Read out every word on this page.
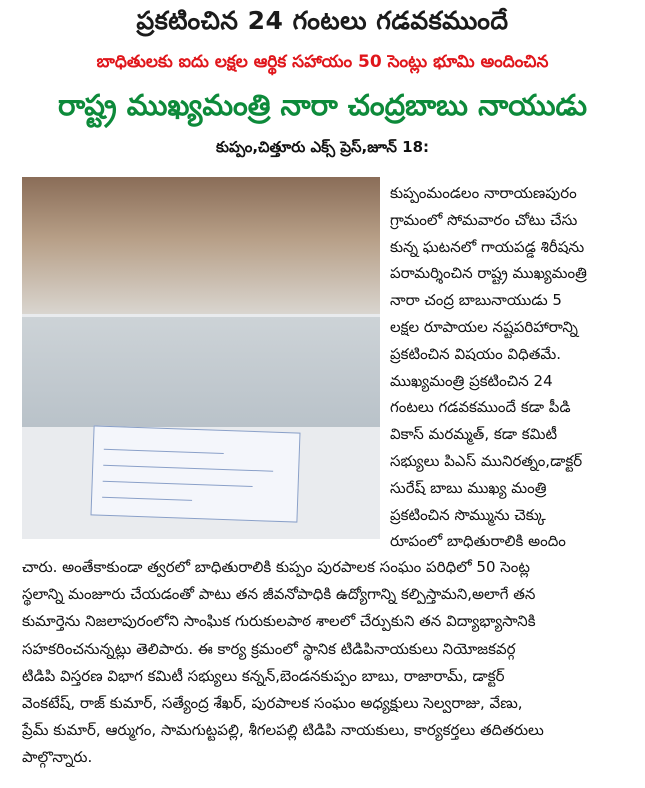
ప్రకటించిన 24 గంటలు గడవకముందే
బాధితులకు ఐదు లక్షల ఆర్థిక సహాయం 50 సెంట్లు భూమి అందించిన
రాష్ట్ర ముఖ్యమంత్రి నారా చంద్రబాబు నాయుడు
కుప్పం,చిత్తూరు ఎక్స్ ప్రెస్,జూన్ 18:
కుప్పంమండలం నారాయణపురం
గ్రామంలో సోమవారం చోటు చేసు
కున్న ఘటనలో గాయపడ్డ శిరీషను
పరామర్శించిన రాష్ట్ర ముఖ్యమంత్రి
నారా చంద్ర బాబునాయుడు 5
లక్షల రూపాయల నష్టపరిహారాన్ని
ప్రకటించిన విషయం విధితమే.
ముఖ్యమంత్రి ప్రకటించిన 24
గంటలు గడవకముందే కడా పీడి
వికాస్ మరమ్మత్, కడా కమిటీ
సభ్యులు పిఎస్ మునిరత్నం,డాక్టర్
సురేష్ బాబు ముఖ్య మంత్రి
ప్రకటించిన సొమ్మును చెక్కు
రూపంలో బాధితురాలికి అందిం
చారు. అంతేకాకుండా త్వరలో బాధితురాలికి కుప్పం పురపాలక సంఘం పరిధిలో 50 సెంట్ల
స్థలాన్ని మంజూరు చేయడంతో పాటు తన జీవనోపాధికి ఉద్యోగాన్ని కల్పిస్తామని,అలాగే తన
కుమార్తెను నిజలాపురంలోని సాంఘిక గురుకులపాఠ శాలలో చేర్పుకుని తన విద్యాభ్యాసానికి
సహకరించనున్నట్లు తెలిపారు. ఈ కార్య క్రమంలో స్థానిక టిడిపినాయకులు నియోజకవర్గ
టిడిపి విస్తరణ విభాగ కమిటీ సభ్యులు కన్నన్,బెండనకుప్పం బాబు, రాజారామ్, డాక్టర్
వెంకటేష్, రాజ్ కుమార్, సత్యేంద్ర శేఖర్, పురపాలక సంఘం అధ్యక్షులు సెల్వరాజు, వేణు,
ప్రేమ్ కుమార్, ఆర్ముగం, సామగుట్టపల్లి, శీగలపల్లి టిడిపి నాయకులు, కార్యకర్తలు తదితరులు
పాల్గొన్నారు.
